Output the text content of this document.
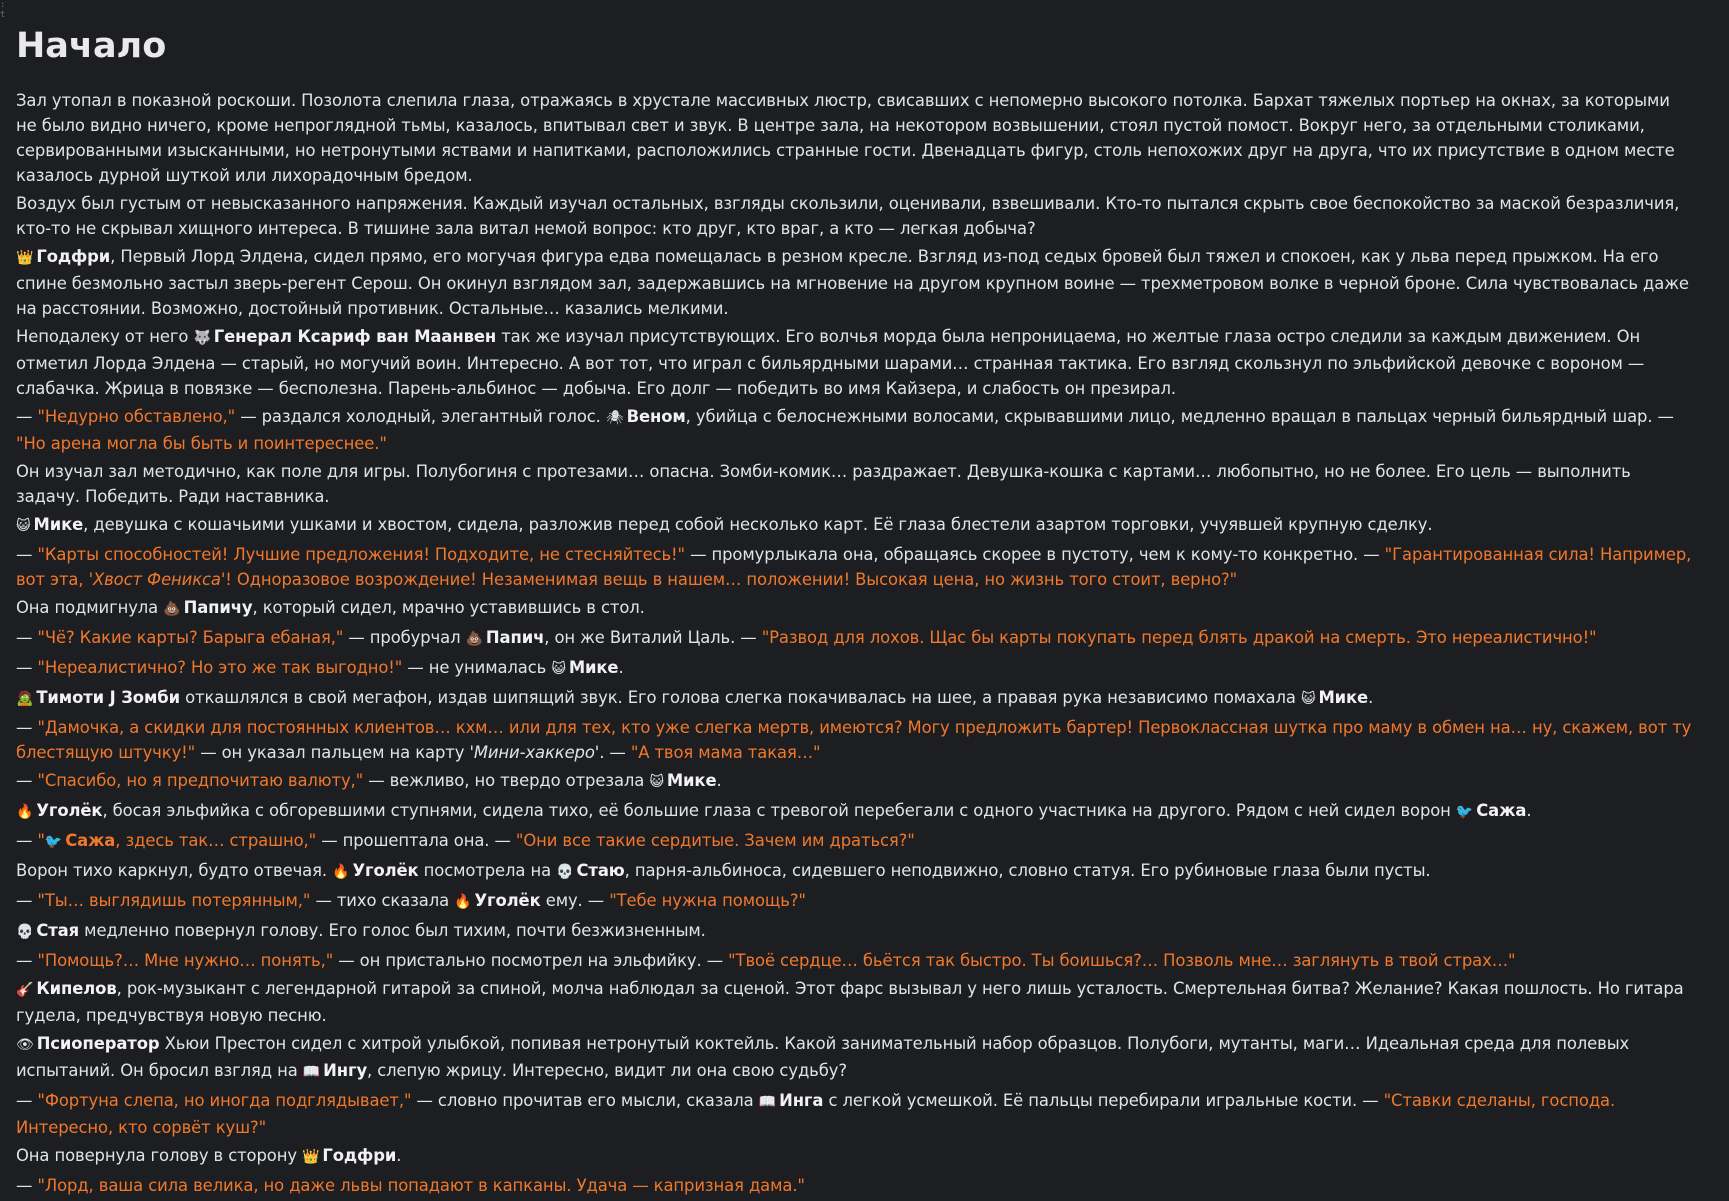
:
t
Начало

Зал утопал в показной роскоши. Позолота слепила глаза, отражаясь в хрустале массивных люстр, свисавших с непомерно высокого потолка. Бархат тяжелых портьер на окнах, за которыми не было видно ничего, кроме непроглядной тьмы, казалось, впитывал свет и звук. В центре зала, на некотором возвышении, стоял пустой помост. Вокруг него, за отдельными столиками, сервированными изысканными, но нетронутыми яствами и напитками, расположились странные гости. Двенадцать фигур, столь непохожих друг на друга, что их присутствие в одном месте казалось дурной шуткой или лихорадочным бредом.

Воздух был густым от невысказанного напряжения. Каждый изучал остальных, взгляды скользили, оценивали, взвешивали. Кто-то пытался скрыть свое беспокойство за маской безразличия, кто-то не скрывал хищного интереса. В тишине зала витал немой вопрос: кто друг, кто враг, а кто — легкая добыча?

👑 Годфри, Первый Лорд Элдена, сидел прямо, его могучая фигура едва помещалась в резном кресле. Взгляд из-под седых бровей был тяжел и спокоен, как у льва перед прыжком. На его спине безмольно застыл зверь-регент Серош. Он окинул взглядом зал, задержавшись на мгновение на другом крупном воине — трехметровом волке в черной броне. Сила чувствовалась даже на расстоянии. Возможно, достойный противник. Остальные… казались мелкими.

Неподалеку от него 🐺 Генерал Ксариф ван Маанвен так же изучал присутствующих. Его волчья морда была непроницаема, но желтые глаза остро следили за каждым движением. Он отметил Лорда Элдена — старый, но могучий воин. Интересно. А вот тот, что играл с бильярдными шарами… странная тактика. Его взгляд скользнул по эльфийской девочке с вороном — слабачка. Жрица в повязке — бесполезна. Парень-альбинос — добыча. Его долг — победить во имя Кайзера, и слабость он презирал.

— "Недурно обставлено," — раздался холодный, элегантный голос. 🕷 Веном, убийца с белоснежными волосами, скрывавшими лицо, медленно вращал в пальцах черный бильярдный шар. — "Но арена могла бы быть и поинтереснее."

Он изучал зал методично, как поле для игры. Полубогиня с протезами… опасна. Зомби-комик… раздражает. Девушка-кошка с картами… любопытно, но не более. Его цель — выполнить задачу. Победить. Ради наставника.

😺 Мике, девушка с кошачьими ушками и хвостом, сидела, разложив перед собой несколько карт. Её глаза блестели азартом торговки, учуявшей крупную сделку.

— "Карты способностей! Лучшие предложения! Подходите, не стесняйтесь!" — промурлыкала она, обращаясь скорее в пустоту, чем к кому-то конкретно. — "Гарантированная сила! Например, вот эта, 'Хвост Феникса'! Одноразовое возрождение! Незаменимая вещь в нашем… положении! Высокая цена, но жизнь того стоит, верно?"

Она подмигнула 💩 Папичу, который сидел, мрачно уставившись в стол.

— "Чё? Какие карты? Барыга ебаная," — пробурчал 💩 Папич, он же Виталий Цаль. — "Развод для лохов. Щас бы карты покупать перед блять дракой на смерть. Это нереалистично!"

— "Нереалистично? Но это же так выгодно!" — не унималась 😺 Мике.

🧟 Тимоти J Зомби откашлялся в свой мегафон, издав шипящий звук. Его голова слегка покачивалась на шее, а правая рука независимо помахала 😺 Мике.

— "Дамочка, а скидки для постоянных клиентов… кхм… или для тех, кто уже слегка мертв, имеются? Могу предложить бартер! Первоклассная шутка про маму в обмен на… ну, скажем, вот ту блестящую штучку!" — он указал пальцем на карту 'Мини-хаккеро'. — "А твоя мама такая…"

— "Спасибо, но я предпочитаю валюту," — вежливо, но твердо отрезала 😺 Мике.

🔥 Уголёк, босая эльфийка с обгоревшими ступнями, сидела тихо, её большие глаза с тревогой перебегали с одного участника на другого. Рядом с ней сидел ворон 🐦 Сажа.

— "🐦 Сажа, здесь так… страшно," — прошептала она. — "Они все такие сердитые. Зачем им драться?"

Ворон тихо каркнул, будто отвечая. 🔥 Уголёк посмотрела на 💀 Стаю, парня-альбиноса, сидевшего неподвижно, словно статуя. Его рубиновые глаза были пусты.

— "Ты… выглядишь потерянным," — тихо сказала 🔥 Уголёк ему. — "Тебе нужна помощь?"

💀 Стая медленно повернул голову. Его голос был тихим, почти безжизненным.

— "Помощь?… Мне нужно… понять," — он пристально посмотрел на эльфийку. — "Твоё сердце… бьётся так быстро. Ты боишься?… Позволь мне… заглянуть в твой страх…"

🎸 Кипелов, рок-музыкант с легендарной гитарой за спиной, молча наблюдал за сценой. Этот фарс вызывал у него лишь усталость. Смертельная битва? Желание? Какая пошлость. Но гитара гудела, предчувствуя новую песню.

👁 Псиоператор Хьюи Престон сидел с хитрой улыбкой, попивая нетронутый коктейль. Какой занимательный набор образцов. Полубоги, мутанты, маги… Идеальная среда для полевых испытаний. Он бросил взгляд на 📖 Ингу, слепую жрицу. Интересно, видит ли она свою судьбу?

— "Фортуна слепа, но иногда подглядывает," — словно прочитав его мысли, сказала 📖 Инга с легкой усмешкой. Её пальцы перебирали игральные кости. — "Ставки сделаны, господа. Интересно, кто сорвёт куш?"

Она повернула голову в сторону 👑 Годфри.

— "Лорд, ваша сила велика, но даже львы попадают в капканы. Удача — капризная дама."
